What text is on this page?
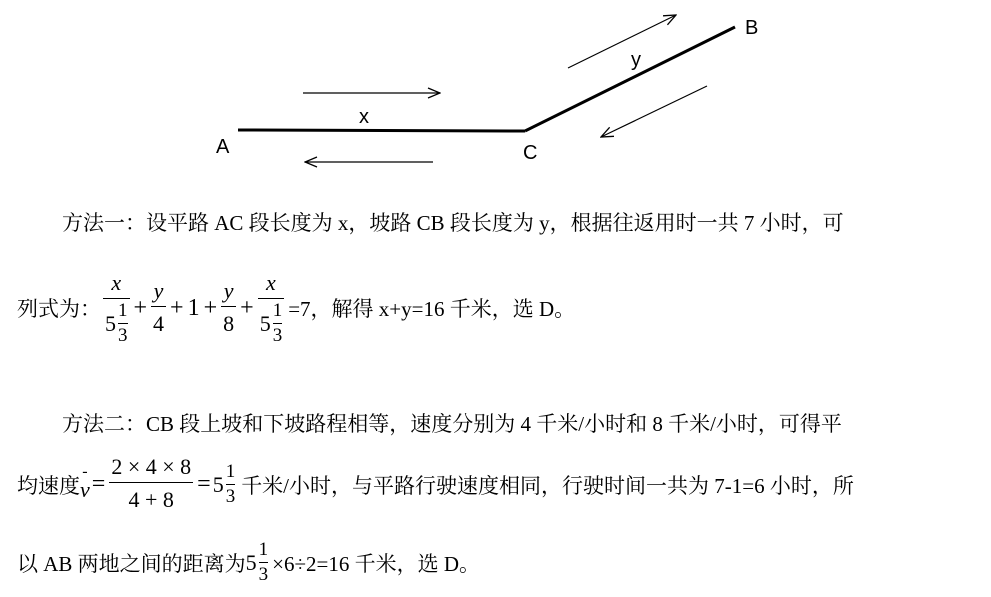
A	C
B
x
y
方法一：设平路 AC 段长度为 x，坡路 CB 段长度为 y，根据往返用时一共 7 小时，可
列式为： x
5 1
$3 + \frac{y}{4} + 1 + \frac{y}{8} + x$
5 1
3 =7，解得 x+y=16 千米，选 D。
方法二：CB 段上坡和下坡路程相等，速度分别为 4 千米/小时和 8 千米/小时，可得平
均速度
-
$v = \frac{2 \times 4 \times 8}{4 + 8} = 5$ 1
3 千米/小时，与平路行驶速度相同，行驶时间一共为 7-1=6 小时，所
以 AB 两地之间的距离为 5 1
3 ×6÷2=16 千米，选 D。
